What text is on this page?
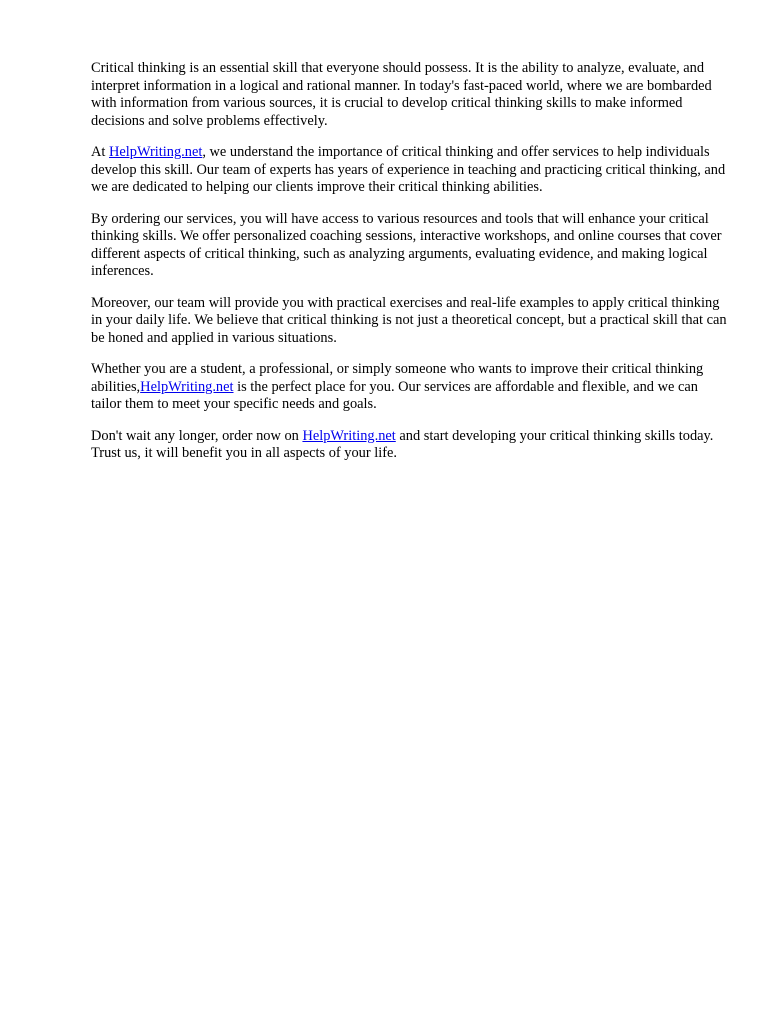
Critical thinking is an essential skill that everyone should possess. It is the ability to analyze, evaluate, and interpret information in a logical and rational manner. In today's fast-paced world, where we are bombarded with information from various sources, it is crucial to develop critical thinking skills to make informed decisions and solve problems effectively.

At HelpWriting.net, we understand the importance of critical thinking and offer services to help individuals develop this skill. Our team of experts has years of experience in teaching and practicing critical thinking, and we are dedicated to helping our clients improve their critical thinking abilities.

By ordering our services, you will have access to various resources and tools that will enhance your critical thinking skills. We offer personalized coaching sessions, interactive workshops, and online courses that cover different aspects of critical thinking, such as analyzing arguments, evaluating evidence, and making logical inferences.

Moreover, our team will provide you with practical exercises and real-life examples to apply critical thinking in your daily life. We believe that critical thinking is not just a theoretical concept, but a practical skill that can be honed and applied in various situations.

Whether you are a student, a professional, or simply someone who wants to improve their critical thinking abilities,HelpWriting.net is the perfect place for you. Our services are affordable and flexible, and we can tailor them to meet your specific needs and goals.

Don't wait any longer, order now on HelpWriting.net and start developing your critical thinking skills today. Trust us, it will benefit you in all aspects of your life.
